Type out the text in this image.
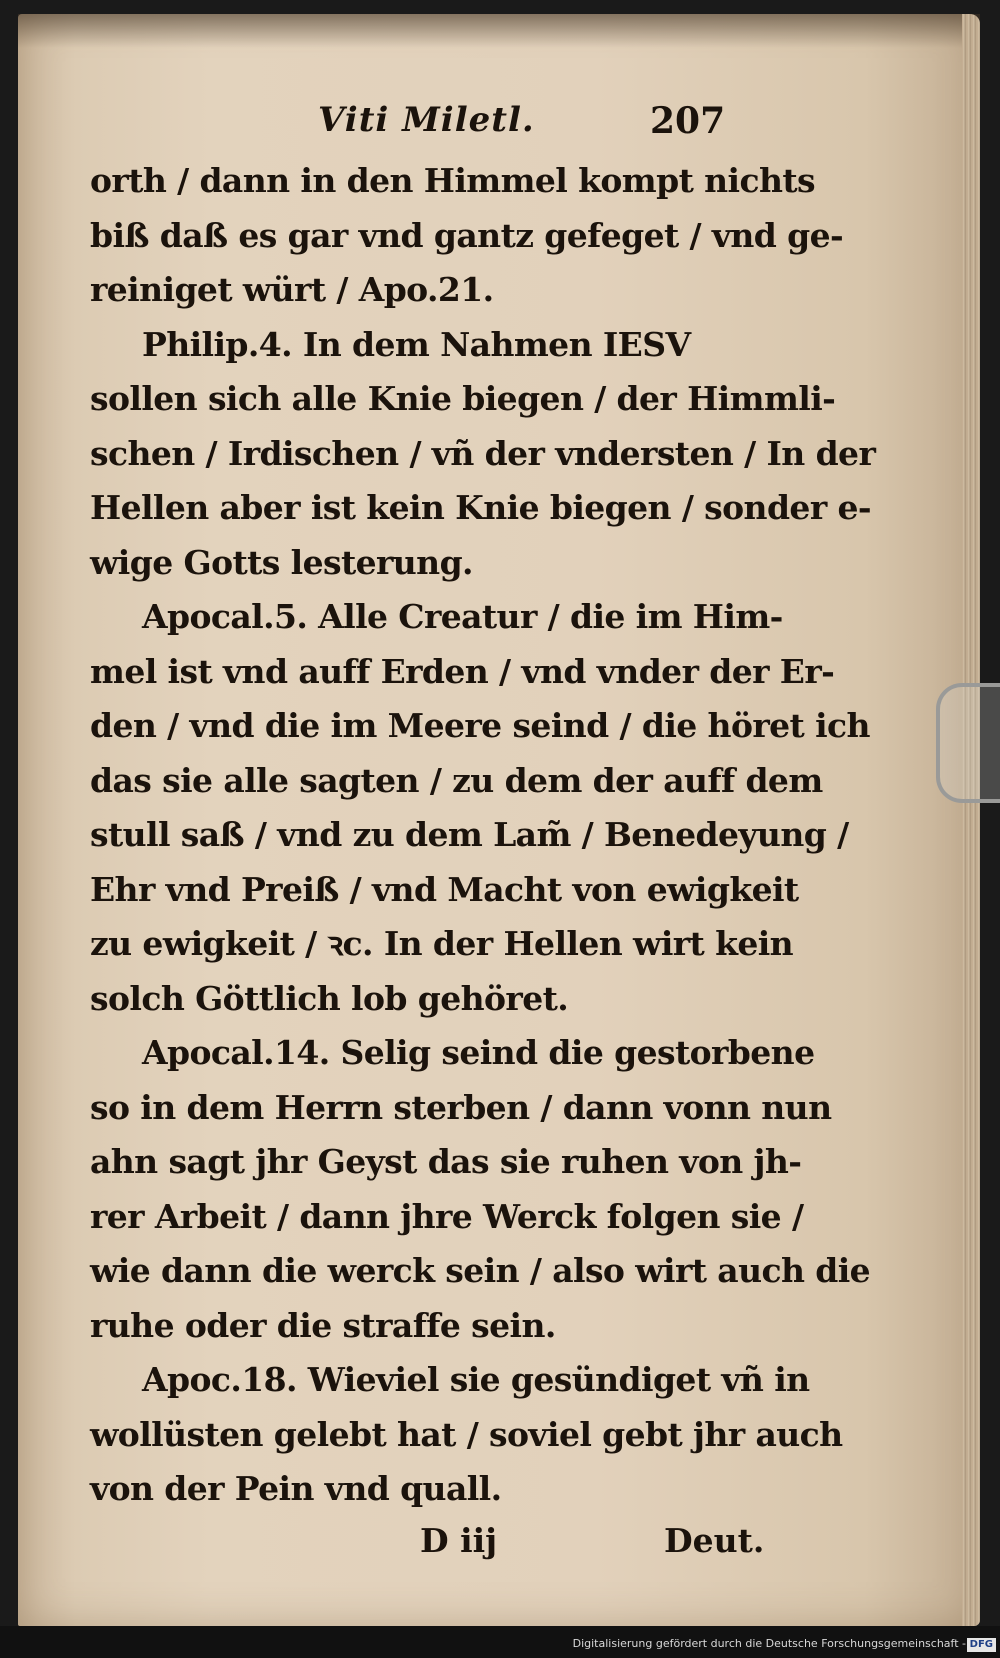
Viti Miletl.	207
orth / dann in den Himmel kompt nichts
biß daß es gar vnd gantz gefeget / vnd ge-
reiniget würt / Apo.21.
Philip.4. In dem Nahmen IESV
sollen sich alle Knie biegen / der Himmli-
schen / Irdischen / vñ der vndersten / In der
Hellen aber ist kein Knie biegen / sonder e-
wige Gotts lesterung.
Apocal.5. Alle Creatur / die im Him-
mel ist vnd auff Erden / vnd vnder der Er-
den / vnd die im Meere seind / die höret ich
das sie alle sagten / zu dem der auff dem
stull saß / vnd zu dem Lam̃ / Benedeyung /
Ehr vnd Preiß / vnd Macht von ewigkeit
zu ewigkeit / ꝛc. In der Hellen wirt kein
solch Göttlich lob gehöret.
Apocal.14. Selig seind die gestorbene
so in dem Herrn sterben / dann vonn nun
ahn sagt jhr Geyst das sie ruhen von jh-
rer Arbeit / dann jhre Werck folgen sie /
wie dann die werck sein / also wirt auch die
ruhe oder die straffe sein.
Apoc.18. Wieviel sie gesündiget vñ in
wollüsten gelebt hat / soviel gebt jhr auch
von der Pein vnd quall.
D iij	Deut.
Digitalisierung gefördert durch die Deutsche Forschungsgemeinschaft - DFG
